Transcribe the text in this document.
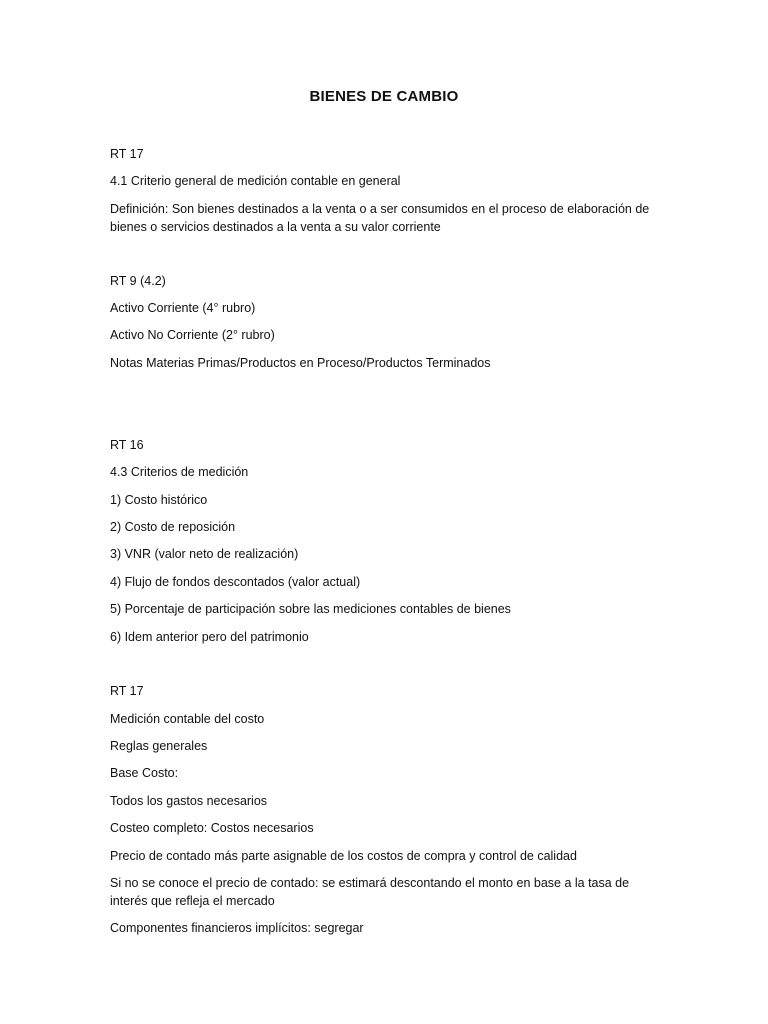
BIENES DE CAMBIO
RT 17
4.1 Criterio general de medición contable en general
Definición: Son bienes destinados a la venta o a ser consumidos en el proceso de elaboración de bienes o servicios destinados a la venta a su valor corriente
RT 9 (4.2)
Activo Corriente (4° rubro)
Activo No Corriente (2° rubro)
Notas Materias Primas/Productos en Proceso/Productos Terminados
RT 16
4.3 Criterios de medición
1) Costo histórico
2) Costo de reposición
3) VNR (valor neto de realización)
4) Flujo de fondos descontados (valor actual)
5) Porcentaje de participación sobre las mediciones contables de bienes
6) Idem anterior pero del patrimonio
RT 17
Medición contable del costo
Reglas generales
Base Costo:
Todos los gastos necesarios
Costeo completo: Costos necesarios
Precio de contado más parte asignable de los costos de compra y control de calidad
Si no se conoce el precio de contado: se estimará descontando el monto en base a la tasa de interés que refleja el mercado
Componentes financieros implícitos: segregar
